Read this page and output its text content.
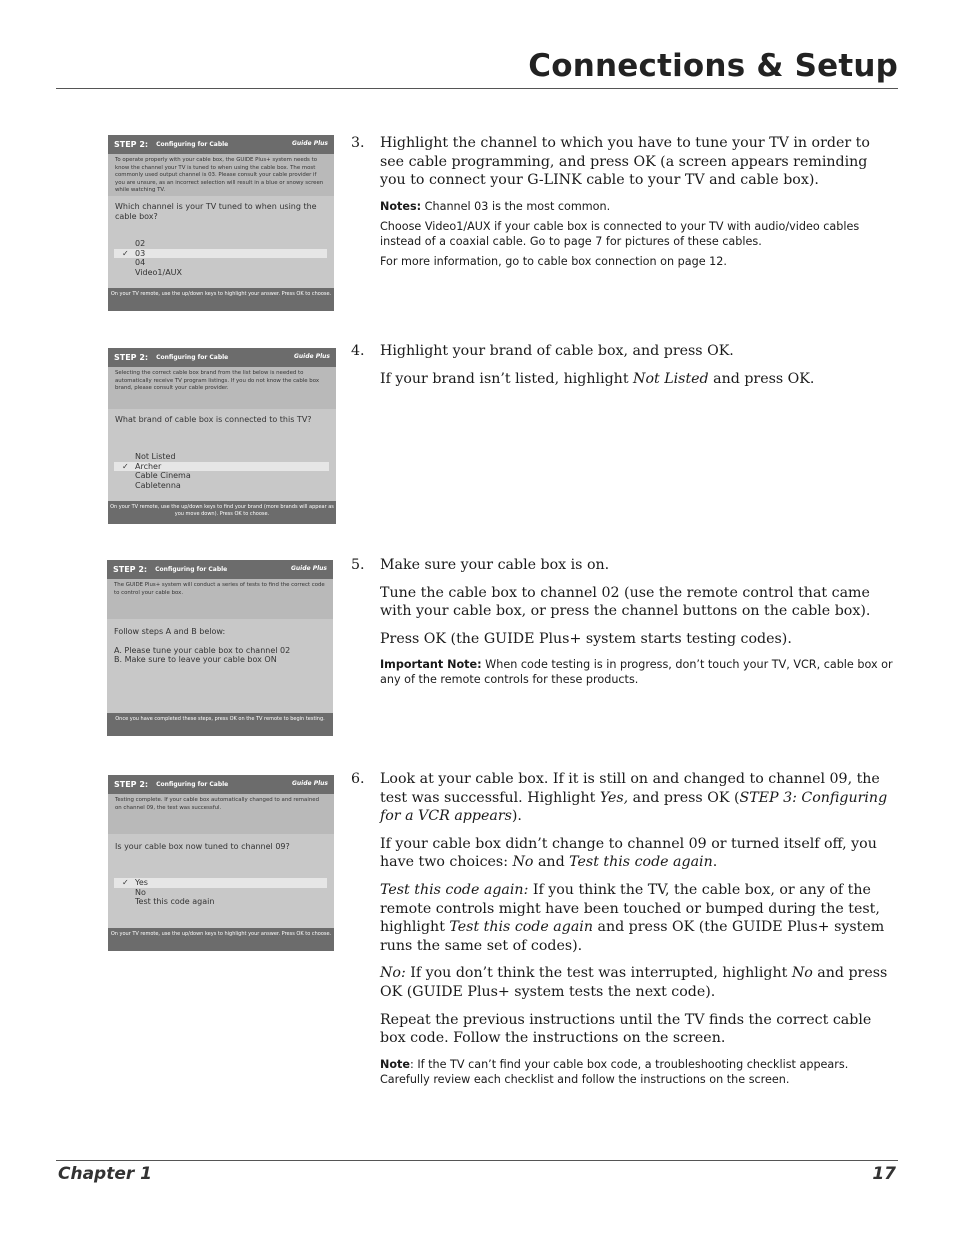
Connections & Setup
STEP 2: Configuring for Cable	Guide Plus
To operate properly with your cable box, the GUIDE Plus+ system needs to know the channel your TV is tuned to when using the cable box. The most commonly used output channel is 03. Please consult your cable provider if you are unsure, as an incorrect selection will result in a blue or snowy screen while watching TV.
Which channel is your TV tuned to when using the cable box?
02
✓ 03
04
Video1/AUX
On your TV remote, use the up/down keys to highlight your answer. Press OK to choose.
STEP 2: Configuring for Cable	Guide Plus
Selecting the correct cable box brand from the list below is needed to automatically receive TV program listings. If you do not know the cable box brand, please consult your cable provider.
What brand of cable box is connected to this TV?
Not Listed
✓ Archer
Cable Cinema
Cabletenna
On your TV remote, use the up/down keys to find your brand (more brands will appear as you move down). Press OK to choose.
STEP 2: Configuring for Cable	Guide Plus
The GUIDE Plus+ system will conduct a series of tests to find the correct code to control your cable box.
Follow steps A and B below:
A. Please tune your cable box to channel 02
B. Make sure to leave your cable box ON
Once you have completed these steps, press OK on the TV remote to begin testing.
STEP 2: Configuring for Cable	Guide Plus
Testing complete. If your cable box automatically changed to and remained on channel 09, the test was successful.
Is your cable box now tuned to channel 09?
✓ Yes
No
Test this code again
On your TV remote, use the up/down keys to highlight your answer. Press OK to choose.
3. Highlight the channel to which you have to tune your TV in order to see cable programming, and press OK (a screen appears reminding you to connect your G-LINK cable to your TV and cable box).

Notes: Channel 03 is the most common.

Choose Video1/AUX if your cable box is connected to your TV with audio/video cables instead of a coaxial cable. Go to page 7 for pictures of these cables.

For more information, go to cable box connection on page 12.

4. Highlight your brand of cable box, and press OK.

If your brand isn’t listed, highlight Not Listed and press OK.

5. Make sure your cable box is on.

Tune the cable box to channel 02 (use the remote control that came with your cable box, or press the channel buttons on the cable box).

Press OK (the GUIDE Plus+ system starts testing codes).

Important Note: When code testing is in progress, don’t touch your TV, VCR, cable box or any of the remote controls for these products.

6. Look at your cable box. If it is still on and changed to channel 09, the test was successful. Highlight Yes, and press OK (STEP 3: Configuring for a VCR appears).

If your cable box didn’t change to channel 09 or turned itself off, you have two choices: No and Test this code again.

Test this code again: If you think the TV, the cable box, or any of the remote controls might have been touched or bumped during the test, highlight Test this code again and press OK (the GUIDE Plus+ system runs the same set of codes).

No: If you don’t think the test was interrupted, highlight No and press OK (GUIDE Plus+ system tests the next code).

Repeat the previous instructions until the TV finds the correct cable box code. Follow the instructions on the screen.

Note: If the TV can’t find your cable box code, a troubleshooting checklist appears. Carefully review each checklist and follow the instructions on the screen.

Chapter 1	17
